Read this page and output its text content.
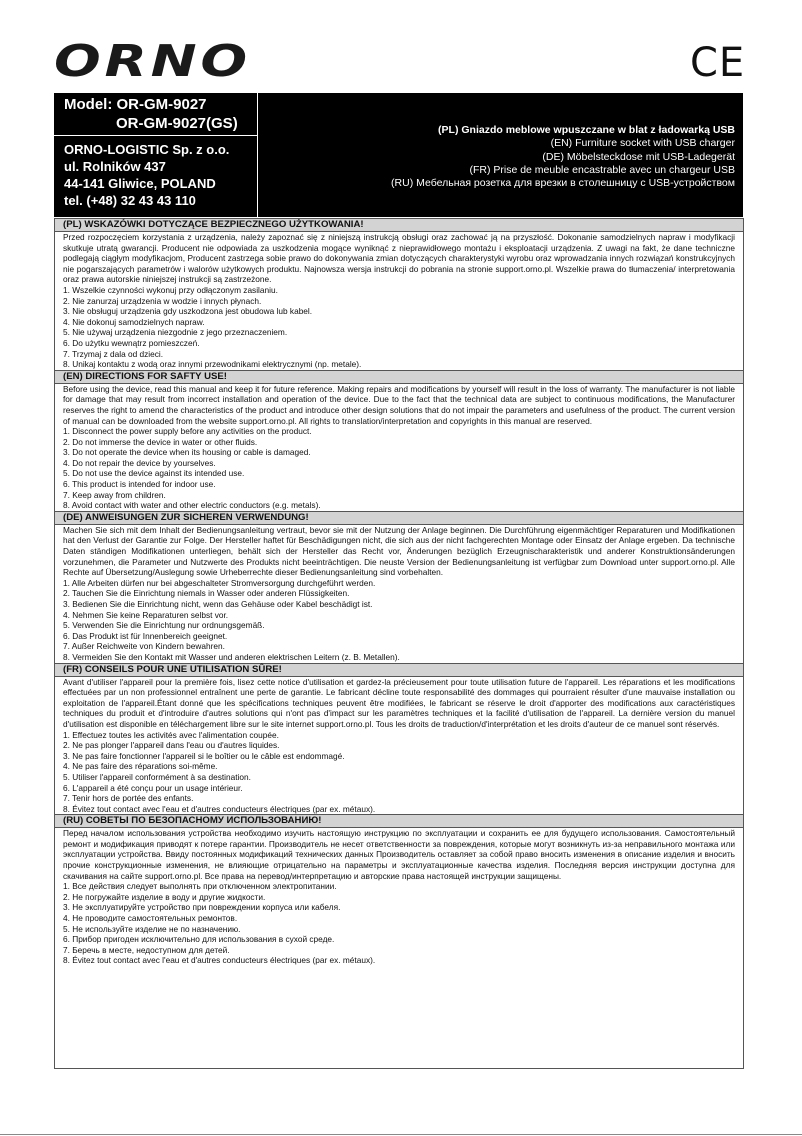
ORNO	CE
Model: OR-GM-9027
OR-GM-9027(GS)
ORNO-LOGISTIC Sp. z o.o.
ul. Rolników 437
44-141 Gliwice, POLAND
tel. (+48) 32 43 43 110
(PL) Gniazdo meblowe wpuszczane w blat z ładowarką USB
(EN) Furniture socket with USB charger
(DE) Möbelsteckdose mit USB-Ladegerät
(FR) Prise de meuble encastrable avec un chargeur USB
(RU) Мебельная розетка для врезки в столешницу с USB-устройством
(PL) WSKAZÓWKI DOTYCZĄCE BEZPIECZNEGO UŻYTKOWANIA!

Przed rozpoczęciem korzystania z urządzenia, należy zapoznać się z niniejszą instrukcją obsługi oraz zachować ją na przyszłość. Dokonanie samodzielnych napraw i modyfikacji skutkuje utratą gwarancji. Producent nie odpowiada za uszkodzenia mogące wyniknąć z nieprawidłowego montażu i eksploatacji urządzenia. Z uwagi na fakt, że dane techniczne podlegają ciągłym modyfikacjom, Producent zastrzega sobie prawo do dokonywania zmian dotyczących charakterystyki wyrobu oraz wprowadzania innych rozwiązań konstrukcyjnych nie pogarszających parametrów i walorów użytkowych produktu. Najnowsza wersja instrukcji do pobrania na stronie support.orno.pl. Wszelkie prawa do tłumaczenia/ interpretowania oraz prawa autorskie niniejszej instrukcji są zastrzeżone.

1. Wszelkie czynności wykonuj przy odłączonym zasilaniu.
2. Nie zanurzaj urządzenia w wodzie i innych płynach.
3. Nie obsługuj urządzenia gdy uszkodzona jest obudowa lub kabel.
4. Nie dokonuj samodzielnych napraw.
5. Nie używaj urządzenia niezgodnie z jego przeznaczeniem.
6. Do użytku wewnątrz pomieszczeń.
7. Trzymaj z dala od dzieci.
8. Unikaj kontaktu z wodą oraz innymi przewodnikami elektrycznymi (np. metale).
(EN) DIRECTIONS FOR SAFTY USE!

Before using the device, read this manual and keep it for future reference. Making repairs and modifications by yourself will result in the loss of warranty. The manufacturer is not liable for damage that may result from incorrect installation and operation of the device. Due to the fact that the technical data are subject to continuous modifications, the Manufacturer reserves the right to amend the characteristics of the product and introduce other design solutions that do not impair the parameters and usefulness of the product. The current version of manual can be downloaded from the website support.orno.pl. All rights to translation/interpretation and copyrights in this manual are reserved.

1. Disconnect the power supply before any activities on the product.
2. Do not immerse the device in water or other fluids.
3. Do not operate the device when its housing or cable is damaged.
4. Do not repair the device by yourselves.
5. Do not use the device against its intended use.
6. This product is intended for indoor use.
7. Keep away from children.
8. Avoid contact with water and other electric conductors (e.g. metals).
(DE) ANWEISUNGEN ZUR SICHEREN VERWENDUNG!

Machen Sie sich mit dem Inhalt der Bedienungsanleitung vertraut, bevor sie mit der Nutzung der Anlage beginnen. Die Durchführung eigenmächtiger Reparaturen und Modifikationen hat den Verlust der Garantie zur Folge. Der Hersteller haftet für Beschädigungen nicht, die sich aus der nicht fachgerechten Montage oder Einsatz der Anlage ergeben. Da technische Daten ständigen Modifikationen unterliegen, behält sich der Hersteller das Recht vor, Änderungen bezüglich Erzeugnischarakteristik und anderer Konstruktionsänderungen vorzunehmen, die Parameter und Nutzwerte des Produkts nicht beeinträchtigen. Die neuste Version der Bedienungsanleitung ist verfügbar zum Download unter support.orno.pl. Alle Rechte auf Übersetzung/Auslegung sowie Urheberrechte dieser Bedienungsanleitung sind vorbehalten.

1. Alle Arbeiten dürfen nur bei abgeschalteter Stromversorgung durchgeführt werden.
2. Tauchen Sie die Einrichtung niemals in Wasser oder anderen Flüssigkeiten.
3. Bedienen Sie die Einrichtung nicht, wenn das Gehäuse oder Kabel beschädigt ist.
4. Nehmen Sie keine Reparaturen selbst vor.
5. Verwenden Sie die Einrichtung nur ordnungsgemäß.
6. Das Produkt ist für Innenbereich geeignet.
7. Außer Reichweite von Kindern bewahren.
8. Vermeiden Sie den Kontakt mit Wasser und anderen elektrischen Leitern (z. B. Metallen).
(FR) CONSEILS POUR UNE UTILISATION SÛRE!

Avant d'utiliser l'appareil pour la première fois, lisez cette notice d'utilisation et gardez-la précieusement pour toute utilisation future de l'appareil. Les réparations et les modifications effectuées par un non professionnel entraînent une perte de garantie. Le fabricant décline toute responsabilité des dommages qui pourraient résulter d'une mauvaise installation ou exploitation de l'appareil.Étant donné que les spécifications techniques peuvent être modifiées, le fabricant se réserve le droit d'apporter des modifications aux caractéristiques techniques du produit et d'introduire d'autres solutions qui n'ont pas d'impact sur les paramètres techniques et la facilité d'utilisation de l'appareil. La dernière version du manuel d'utilisation est disponible en téléchargement libre sur le site internet support.orno.pl. Tous les droits de traduction/d'interprétation et les droits d'auteur de ce manuel sont réservés.

1. Effectuez toutes les activités avec l'alimentation coupée.
2. Ne pas plonger l'appareil dans l'eau ou d'autres liquides.
3. Ne pas faire fonctionner l'appareil si le boîtier ou le câble est endommagé.
4. Ne pas faire des réparations soi-même.
5. Utiliser l'appareil conformément à sa destination.
6. L'appareil a été conçu pour un usage intérieur.
7. Tenir hors de portée des enfants.
8. Évitez tout contact avec l'eau et d'autres conducteurs électriques (par ex. métaux).
(RU) СОВЕТЫ ПО БЕЗОПАСНОМУ ИСПОЛЬЗОВАНИЮ!

Перед началом использования устройства необходимо изучить настоящую инструкцию по эксплуатации и сохранить ее для будущего использования. Самостоятельный ремонт и модификация приводят к потере гарантии. Производитель не несет ответственности за повреждения, которые могут возникнуть из-за неправильного монтажа или эксплуатации устройства. Ввиду постоянных модификаций технических данных Производитель оставляет за собой право вносить изменения в описание изделия и вносить прочие конструкционные изменения, не влияющие отрицательно на параметры и эксплуатационные качества изделия. Последняя версия инструкции доступна для скачивания на сайте support.orno.pl. Все права на перевод/интерпретацию и авторские права настоящей инструкции защищены.

1. Все действия следует выполнять при отключенном электропитании.
2. Не погружайте изделие в воду и другие жидкости.
3. Не эксплуатируйте устройство при повреждении корпуса или кабеля.
4. Не проводите самостоятельных ремонтов.
5. Не используйте изделие не по назначению.
6. Прибор пригоден исключительно для использования в сухой среде.
7. Беречь в месте, недоступном для детей.
8. Évitez tout contact avec l'eau et d'autres conducteurs électriques (par ex. métaux).
